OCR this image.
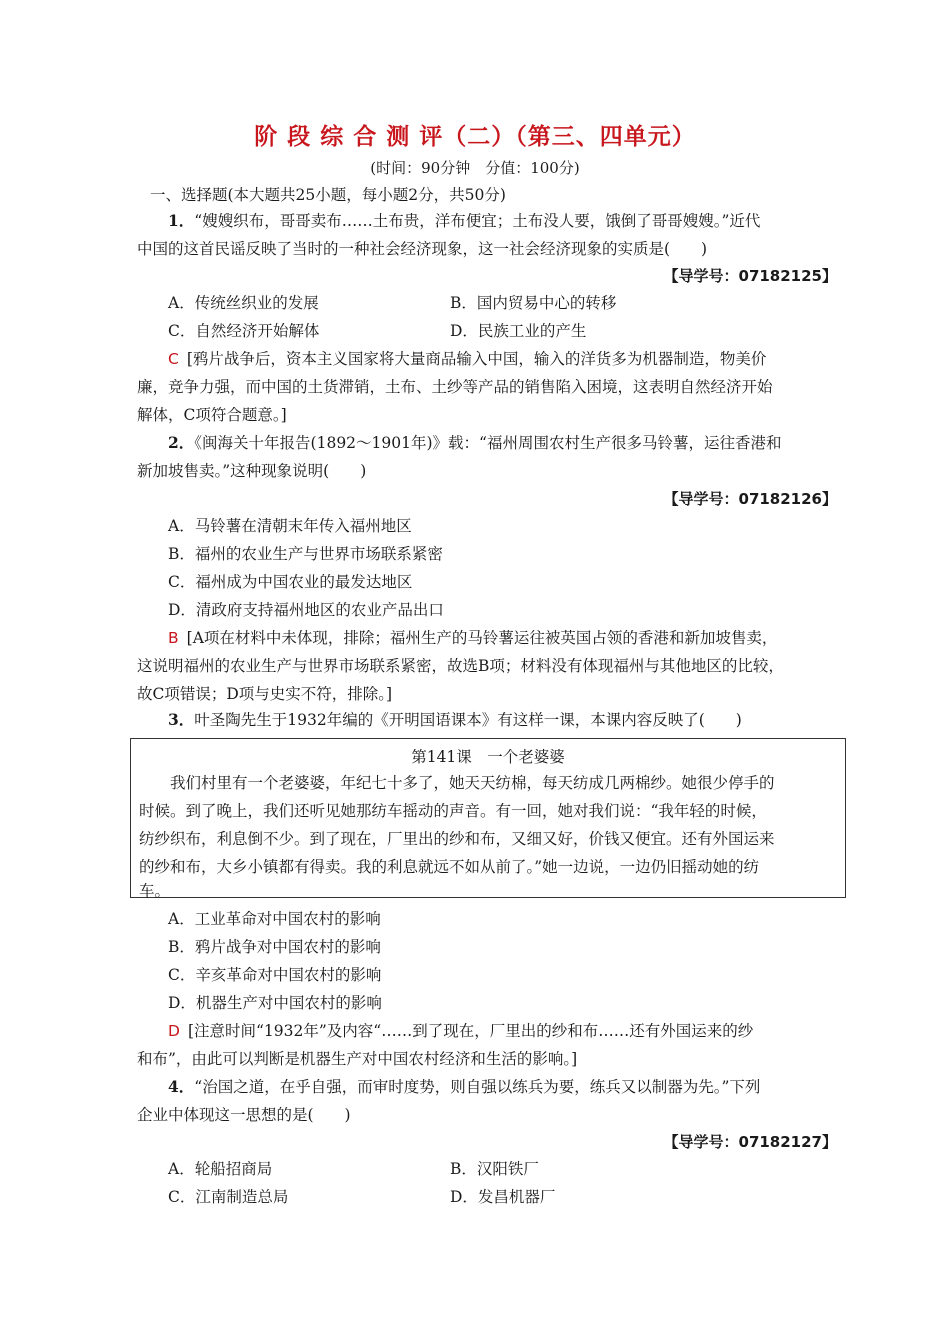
阶 段 综 合 测 评（二）（第三、四单元）
(时间：90分钟　分值：100分)
一、选择题(本大题共25小题，每小题2分，共50分)
1．“嫂嫂织布，哥哥卖布……土布贵，洋布便宜；土布没人要，饿倒了哥哥嫂嫂。”近代
中国的这首民谣反映了当时的一种社会经济现象，这一社会经济现象的实质是(　　)
【导学号：07182125】
A．传统丝织业的发展	B．国内贸易中心的转移
C．自然经济开始解体	D．民族工业的产生
C [鸦片战争后，资本主义国家将大量商品输入中国，输入的洋货多为机器制造，物美价
廉，竞争力强，而中国的土货滞销，土布、土纱等产品的销售陷入困境，这表明自然经济开始
解体，C项符合题意。]
2．《闽海关十年报告(1892～1901年)》载：“福州周围农村生产很多马铃薯，运往香港和
新加坡售卖。”这种现象说明(　　)
【导学号：07182126】
A．马铃薯在清朝末年传入福州地区
B．福州的农业生产与世界市场联系紧密
C．福州成为中国农业的最发达地区
D．清政府支持福州地区的农业产品出口
B [A项在材料中未体现，排除；福州生产的马铃薯运往被英国占领的香港和新加坡售卖，
这说明福州的农业生产与世界市场联系紧密，故选B项；材料没有体现福州与其他地区的比较，
故C项错误；D项与史实不符，排除。]
3．叶圣陶先生于1932年编的《开明国语课本》有这样一课，本课内容反映了(　　)
第141课　一个老婆婆
　　我们村里有一个老婆婆，年纪七十多了，她天天纺棉，每天纺成几两棉纱。她很少停手的
时候。到了晚上，我们还听见她那纺车摇动的声音。有一回，她对我们说：“我年轻的时候，
纺纱织布，利息倒不少。到了现在，厂里出的纱和布，又细又好，价钱又便宜。还有外国运来
的纱和布，大乡小镇都有得卖。我的利息就远不如从前了。”她一边说，一边仍旧摇动她的纺
车。
A．工业革命对中国农村的影响
B．鸦片战争对中国农村的影响
C．辛亥革命对中国农村的影响
D．机器生产对中国农村的影响
D [注意时间“1932年”及内容“……到了现在，厂里出的纱和布……还有外国运来的纱
和布”，由此可以判断是机器生产对中国农村经济和生活的影响。]
4．“治国之道，在乎自强，而审时度势，则自强以练兵为要，练兵又以制器为先。”下列
企业中体现这一思想的是(　　)
【导学号：07182127】
A．轮船招商局	B．汉阳铁厂
C．江南制造总局	D．发昌机器厂
